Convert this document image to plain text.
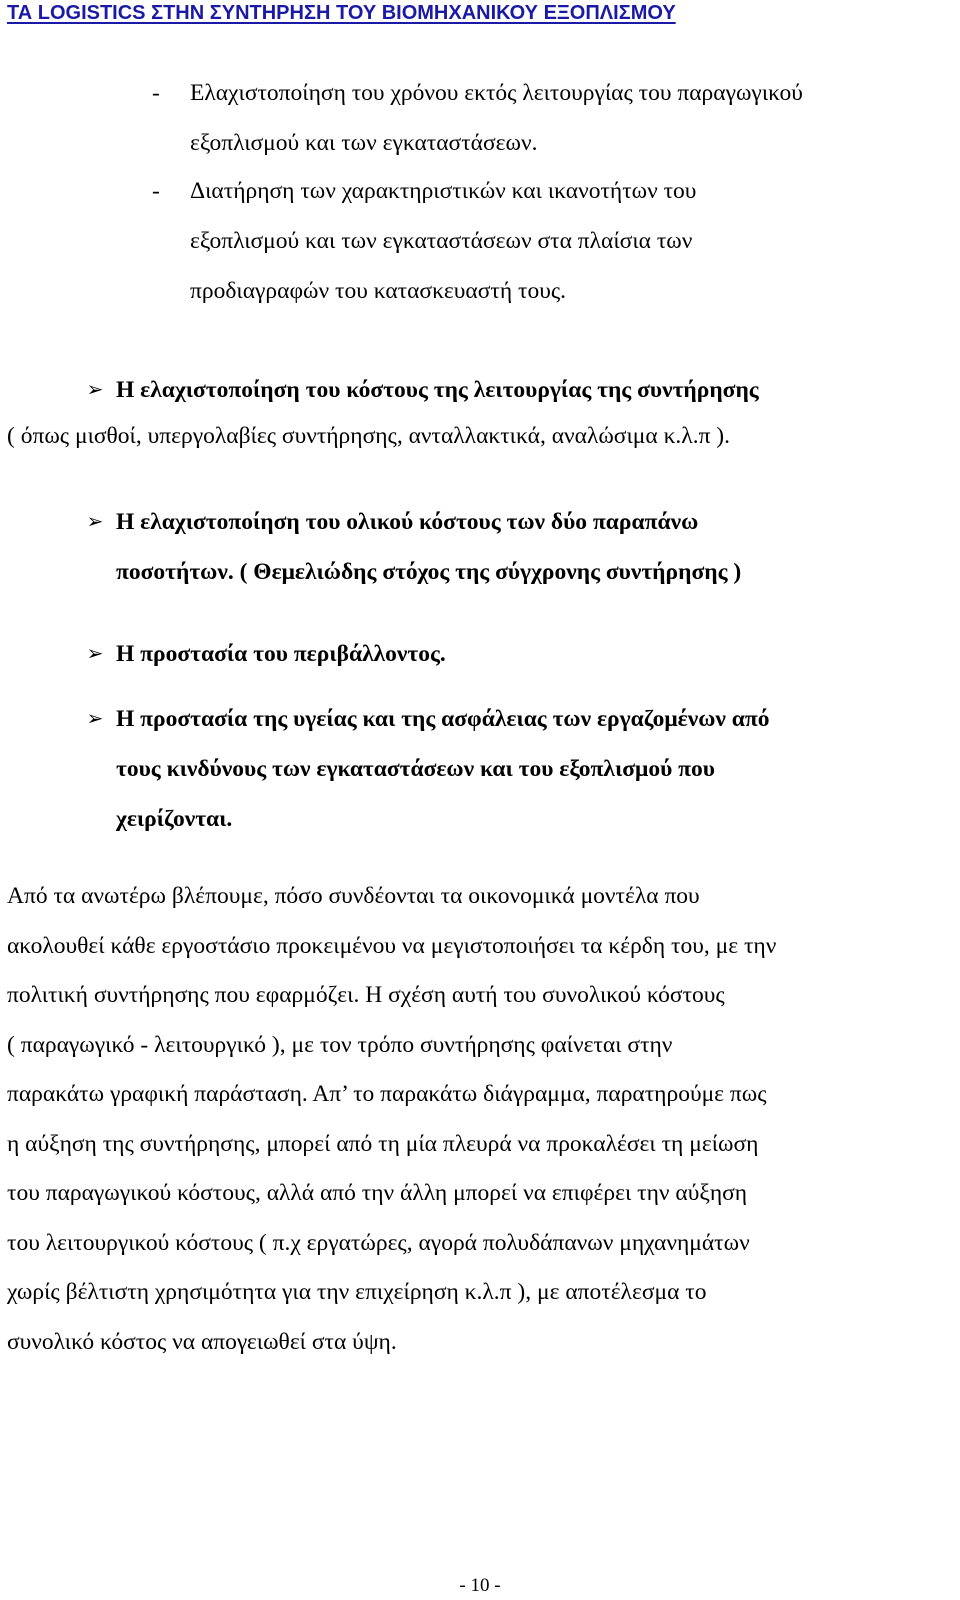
ΤΑ LOGISTICS ΣΤΗΝ ΣΥΝΤΗΡΗΣΗ ΤΟΥ ΒΙΟΜΗΧΑΝΙΚΟΥ ΕΞΟΠΛΙΣΜΟΥ
- Ελαχιστοποίηση του χρόνου εκτός λειτουργίας του παραγωγικού
εξοπλισμού και των εγκαταστάσεων.
- Διατήρηση των χαρακτηριστικών και ικανοτήτων του
εξοπλισμού και των εγκαταστάσεων στα πλαίσια των
προδιαγραφών του κατασκευαστή τους.
➢ Η ελαχιστοποίηση του κόστους της λειτουργίας της συντήρησης
( όπως μισθοί, υπεργολαβίες συντήρησης, ανταλλακτικά, αναλώσιμα κ.λ.π ).
➢ Η ελαχιστοποίηση του ολικού κόστους των δύο παραπάνω
ποσοτήτων. ( Θεμελιώδης στόχος της σύγχρονης συντήρησης )
➢ Η προστασία του περιβάλλοντος.
➢ Η προστασία της υγείας και της ασφάλειας των εργαζομένων από
τους κινδύνους των εγκαταστάσεων και του εξοπλισμού που
χειρίζονται.
Από τα ανωτέρω βλέπουμε, πόσο συνδέονται τα οικονομικά μοντέλα που
ακολουθεί κάθε εργοστάσιο προκειμένου να μεγιστοποιήσει τα κέρδη του, με την
πολιτική συντήρησης που εφαρμόζει. Η σχέση αυτή του συνολικού κόστους
( παραγωγικό - λειτουργικό ), με τον τρόπο συντήρησης φαίνεται στην
παρακάτω γραφική παράσταση. Απ’ το παρακάτω διάγραμμα, παρατηρούμε πως
η αύξηση της συντήρησης, μπορεί από τη μία πλευρά να προκαλέσει τη μείωση
του παραγωγικού κόστους, αλλά από την άλλη μπορεί να επιφέρει την αύξηση
του λειτουργικού κόστους ( π.χ εργατώρες, αγορά πολυδάπανων μηχανημάτων
χωρίς βέλτιστη χρησιμότητα για την επιχείρηση κ.λ.π ), με αποτέλεσμα το
συνολικό κόστος να απογειωθεί στα ύψη.
- 10 -
